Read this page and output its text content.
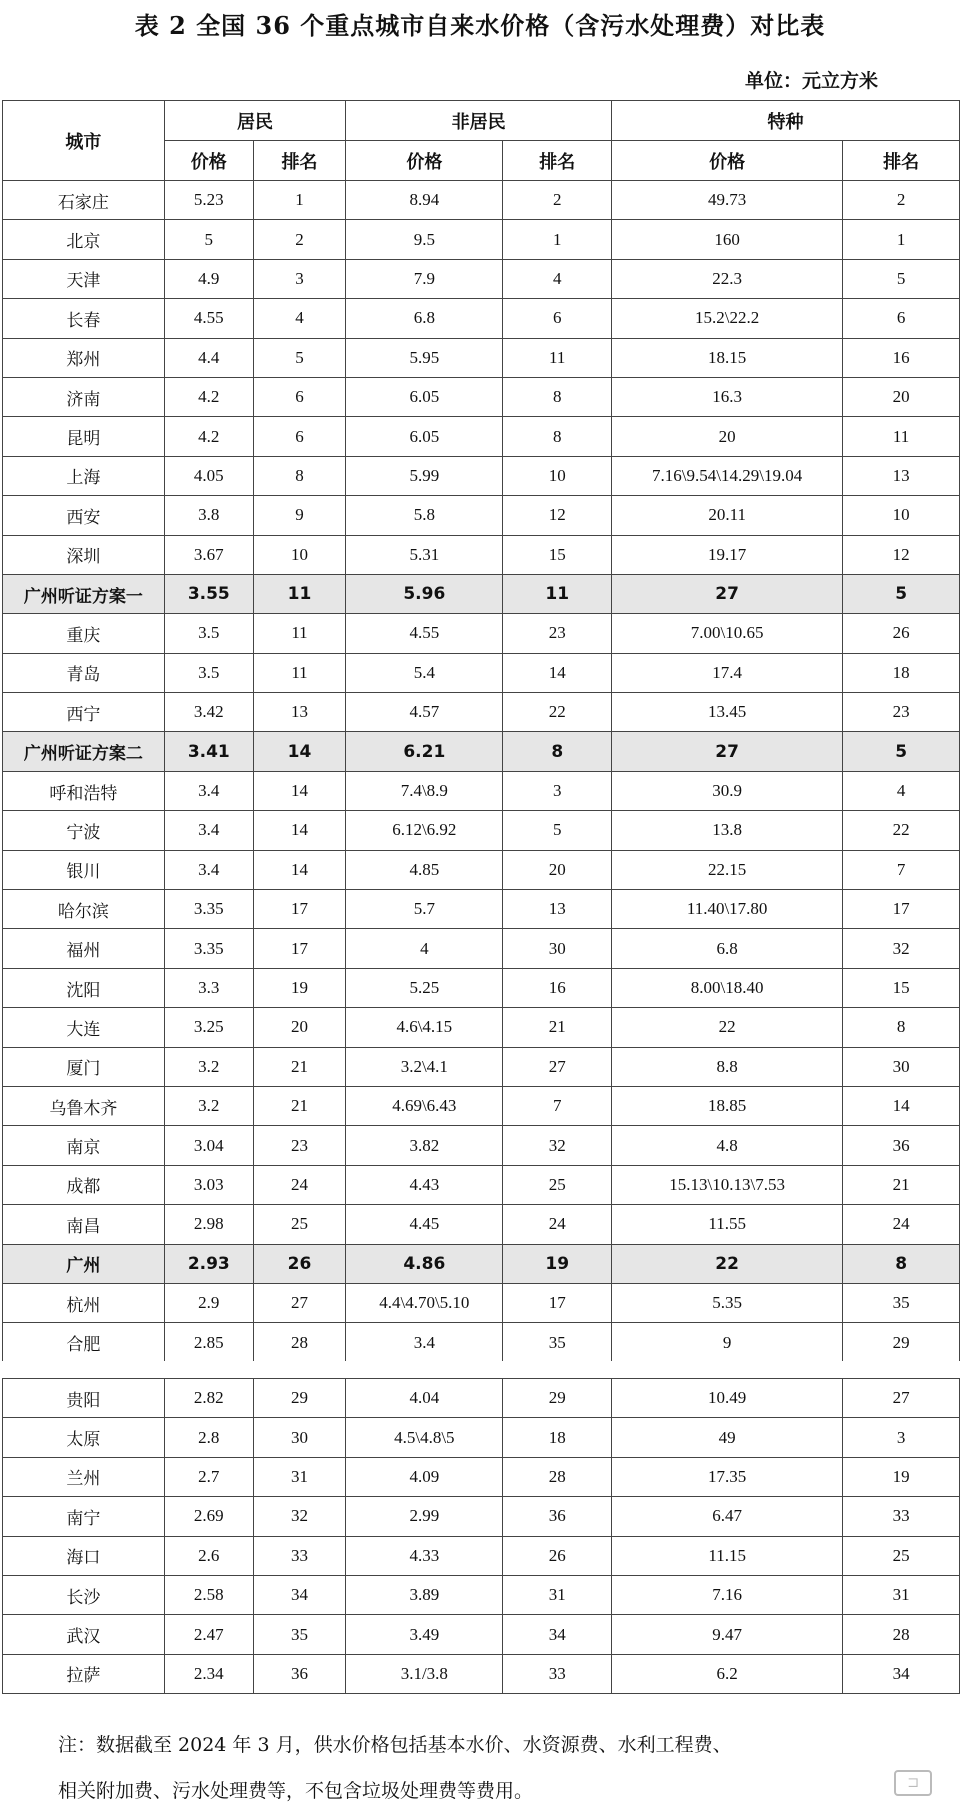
表 2 全国 36 个重点城市自来水价格（含污水处理费）对比表
单位：元立方米
城市	居民		非居民		特种	
	价格	排名	价格	排名	价格	排名
石家庄	5.23	1	8.94	2	49.73	2
北京	5	2	9.5	1	160	1
天津	4.9	3	7.9	4	22.3	5
长春	4.55	4	6.8	6	15.2\22.2	6
郑州	4.4	5	5.95	11	18.15	16
济南	4.2	6	6.05	8	16.3	20
昆明	4.2	6	6.05	8	20	11
上海	4.05	8	5.99	10	7.16\9.54\14.29\19.04	13
西安	3.8	9	5.8	12	20.11	10
深圳	3.67	10	5.31	15	19.17	12
广州听证方案一	3.55	11	5.96	11	27	5
重庆	3.5	11	4.55	23	7.00\10.65	26
青岛	3.5	11	5.4	14	17.4	18
西宁	3.42	13	4.57	22	13.45	23
广州听证方案二	3.41	14	6.21	8	27	5
呼和浩特	3.4	14	7.4\8.9	3	30.9	4
宁波	3.4	14	6.12\6.92	5	13.8	22
银川	3.4	14	4.85	20	22.15	7
哈尔滨	3.35	17	5.7	13	11.40\17.80	17
福州	3.35	17	4	30	6.8	32
沈阳	3.3	19	5.25	16	8.00\18.40	15
大连	3.25	20	4.6\4.15	21	22	8
厦门	3.2	21	3.2\4.1	27	8.8	30
乌鲁木齐	3.2	21	4.69\6.43	7	18.85	14
南京	3.04	23	3.82	32	4.8	36
成都	3.03	24	4.43	25	15.13\10.13\7.53	21
南昌	2.98	25	4.45	24	11.55	24
广州	2.93	26	4.86	19	22	8
杭州	2.9	27	4.4\4.70\5.10	17	5.35	35
合肥	2.85	28	3.4	35	9	29
贵阳	2.82	29	4.04	29	10.49	27
太原	2.8	30	4.5\4.8\5	18	49	3
兰州	2.7	31	4.09	28	17.35	19
南宁	2.69	32	2.99	36	6.47	33
海口	2.6	33	4.33	26	11.15	25
长沙	2.58	34	3.89	31	7.16	31
武汉	2.47	35	3.49	34	9.47	28
拉萨	2.34	36	3.1/3.8	33	6.2	34
注：数据截至 2024 年 3 月，供水价格包括基本水价、水资源费、水利工程费、
相关附加费、污水处理费等，不包含垃圾处理费等费用。	⊐
